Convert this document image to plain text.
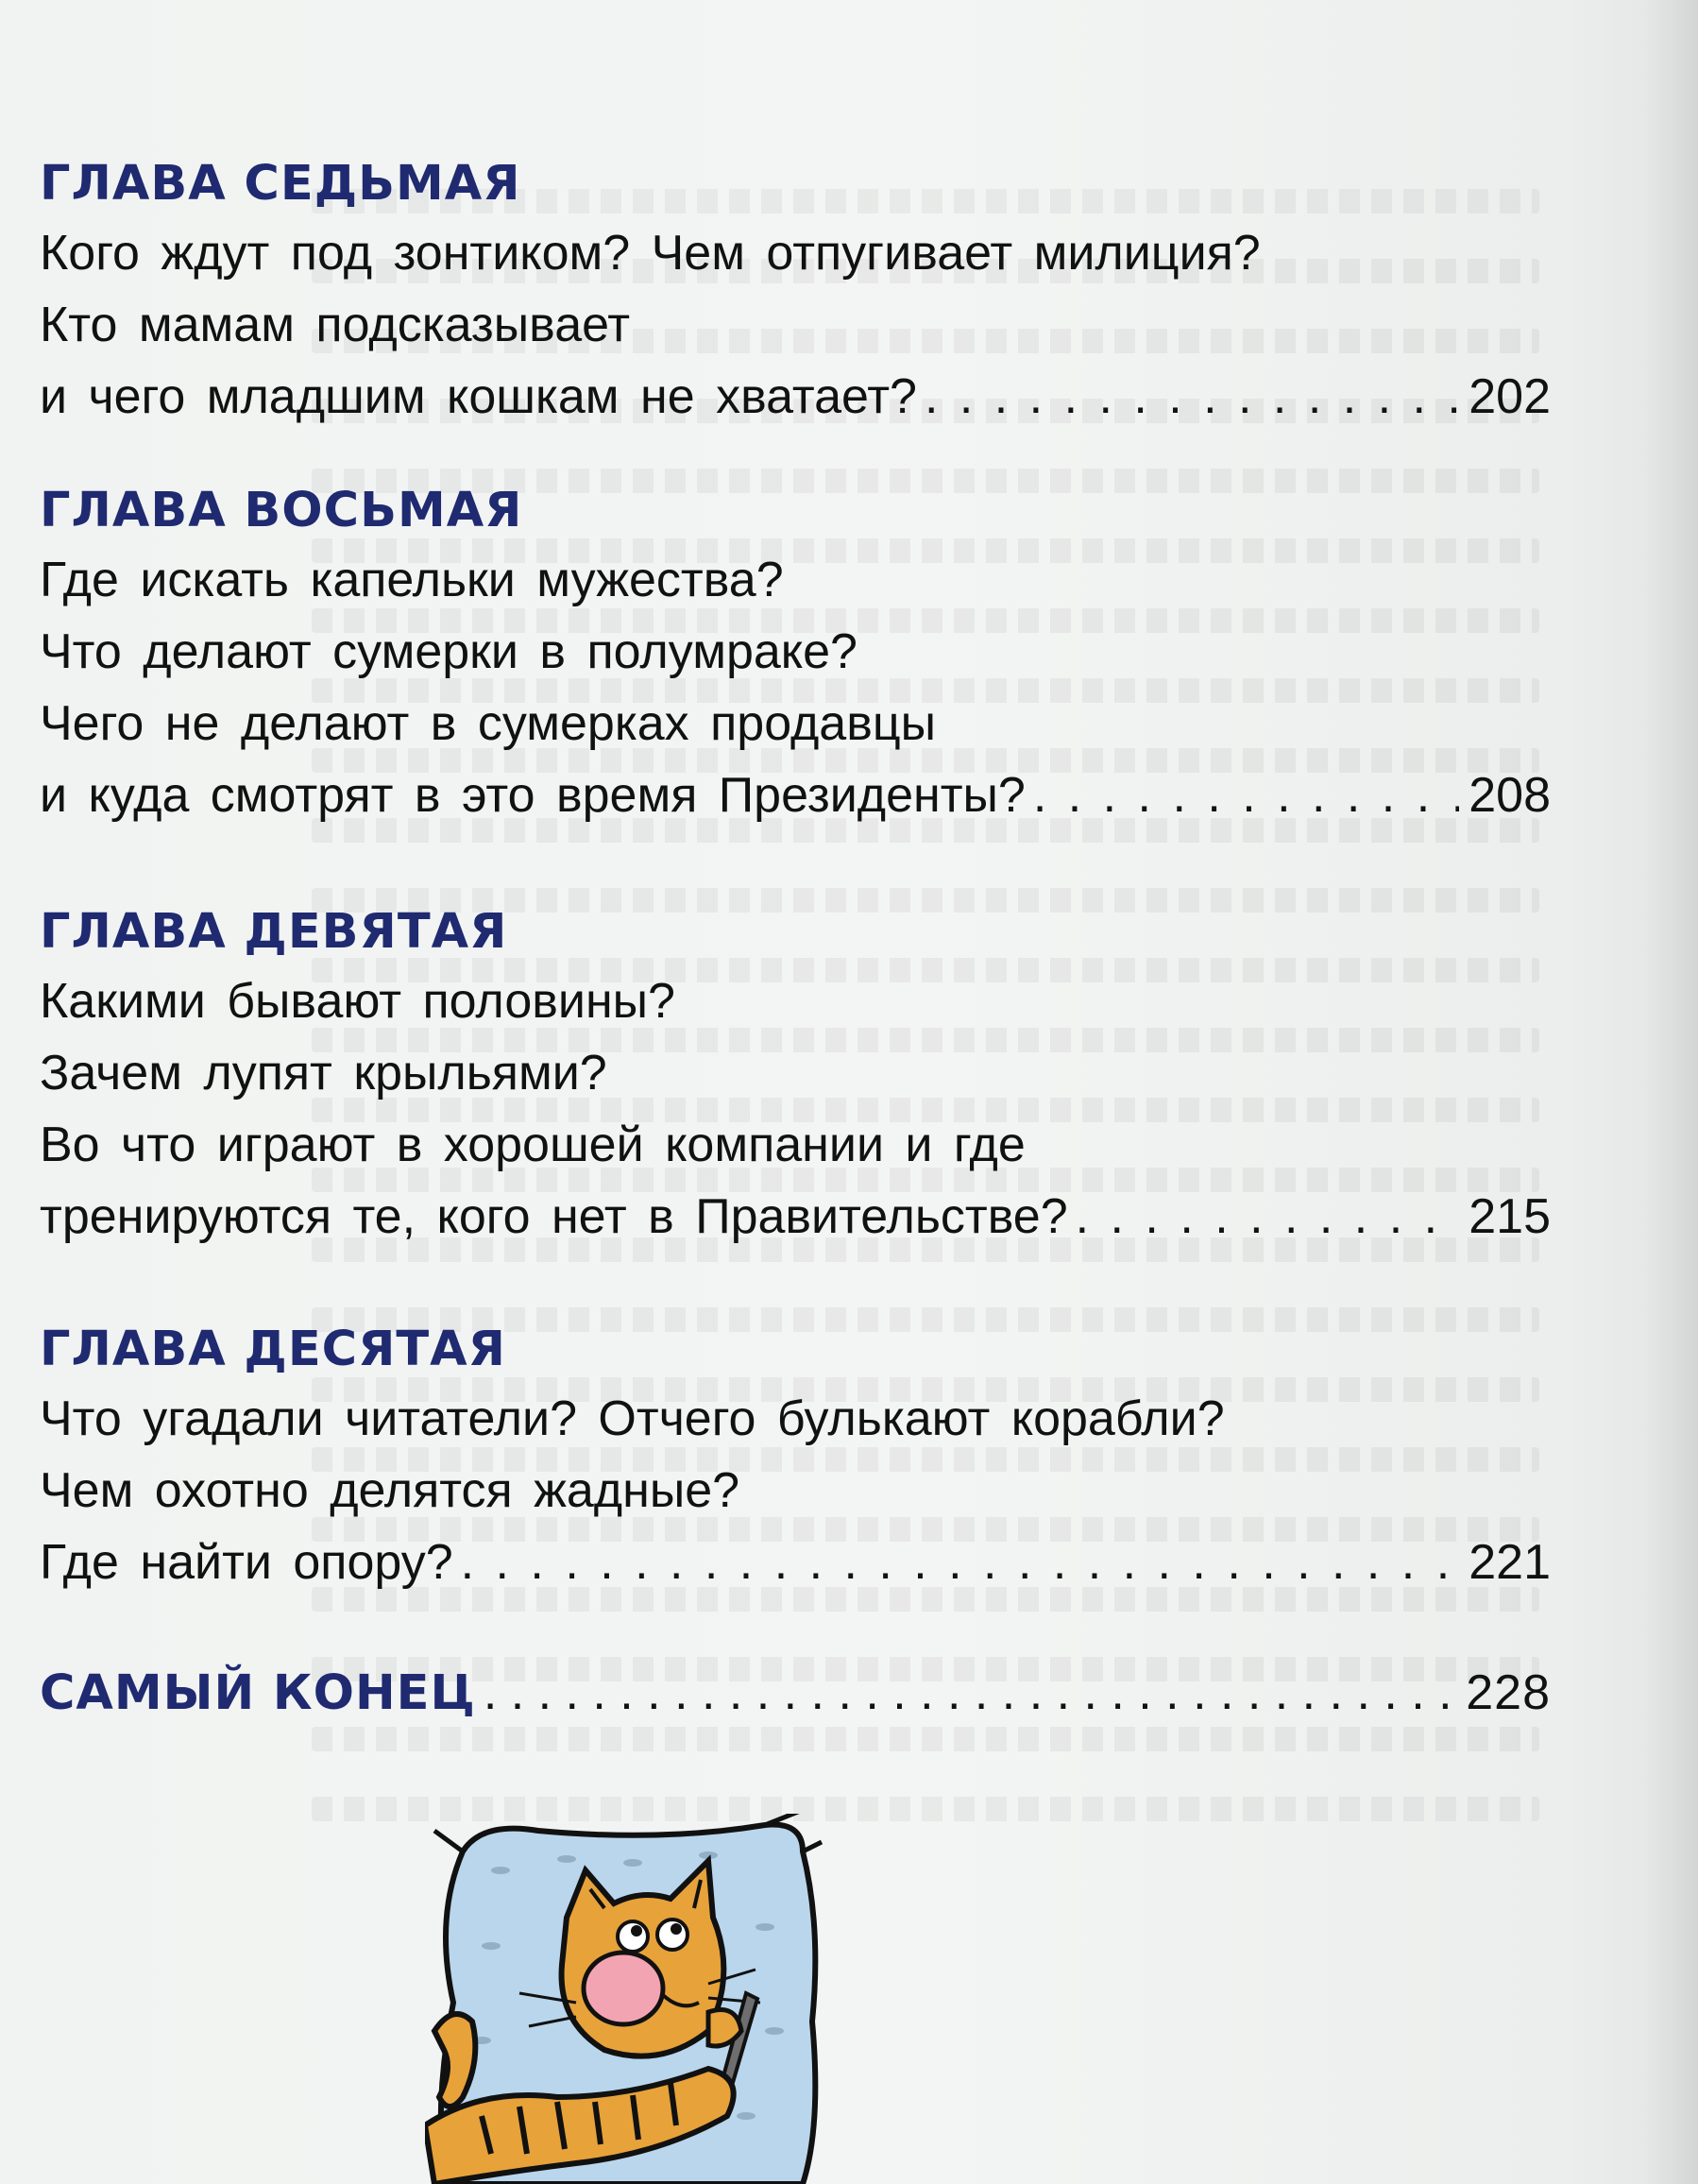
ГЛАВА СЕДЬМАЯ
Кого ждут под зонтиком? Чем отпугивает милиция?
Кто мамам подсказывает
и чего младшим кошкам не хватает? . . .	202
ГЛАВА ВОСЬМАЯ
Где искать капельки мужества?
Что делают сумерки в полумраке?
Чего не делают в сумерках продавцы
и куда смотрят в это время Президенты? . . .	208
ГЛАВА ДЕВЯТАЯ
Какими бывают половины?
Зачем лупят крыльями?
Во что играют в хорошей компании и где
тренируются те, кого нет в Правительстве? . . .	215
ГЛАВА ДЕСЯТАЯ
Что угадали читатели? Отчего булькают корабли?
Чем охотно делятся жадные?
Где найти опору? . . .	221
САМЫЙ КОНЕЦ . . .	228
